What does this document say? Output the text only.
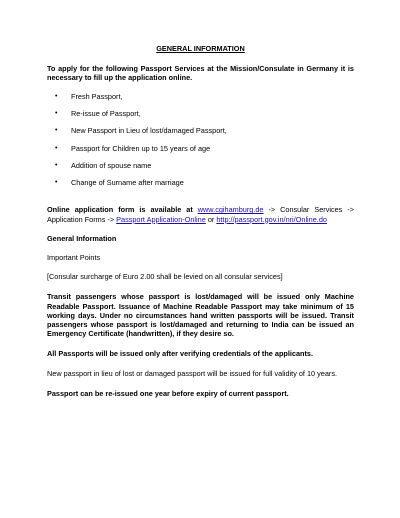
GENERAL INFORMATION

To apply for the following Passport Services at the Mission/Consulate in Germany it is necessary to fill up the application online.

• Fresh Passport,
• Re-issue of Passport,
• New Passport in Lieu of lost/damaged Passport,
• Passport for Children up to 15 years of age
• Addition of spouse name
• Change of Surname after marriage

Online application form is available at www.cgihamburg.de -> Consular Services -> Application Forms -> Passport Application-Online or http://passport.gov.in/nri/Online.do

General Information

Important Points

[Consular surcharge of Euro 2.00 shall be levied on all consular services]

Transit passengers whose passport is lost/damaged will be issued only Machine Readable Passport. Issuance of Machine Readable Passport may take minimum of 15 working days. Under no circumstances hand written passports will be issued. Transit passengers whose passport is lost/damaged and returning to India can be issued an Emergency Certificate (handwritten), if they desire so.

All Passports will be issued only after verifying credentials of the applicants.

New passport in lieu of lost or damaged passport will be issued for full validity of 10 years.

Passport can be re-issued one year before expiry of current passport.
